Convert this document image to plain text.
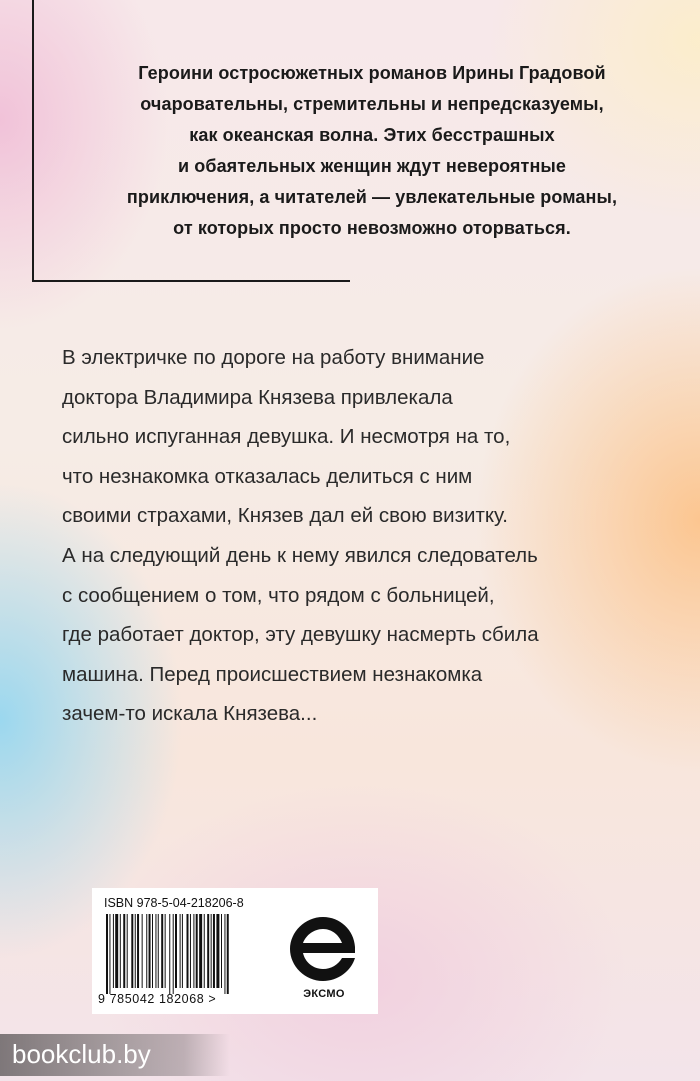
Героини остросюжетных романов Ирины Градовой
очаровательны, стремительны и непредсказуемы,
как океанская волна. Этих бесстрашных
и обаятельных женщин ждут невероятные
приключения, а читателей — увлекательные романы,
от которых просто невозможно оторваться.

В электричке по дороге на работу внимание
доктора Владимира Князева привлекала
сильно испуганная девушка. И несмотря на то,
что незнакомка отказалась делиться с ним
своими страхами, Князев дал ей свою визитку.
А на следующий день к нему явился следователь
с сообщением о том, что рядом с больницей,
где работает доктор, эту девушку насмерть сбила
машина. Перед происшествием незнакомка
зачем-то искала Князева...

ISBN 978-5-04-218206-8
9 785042 182068 >	ЭКСМО
bookclub.by
